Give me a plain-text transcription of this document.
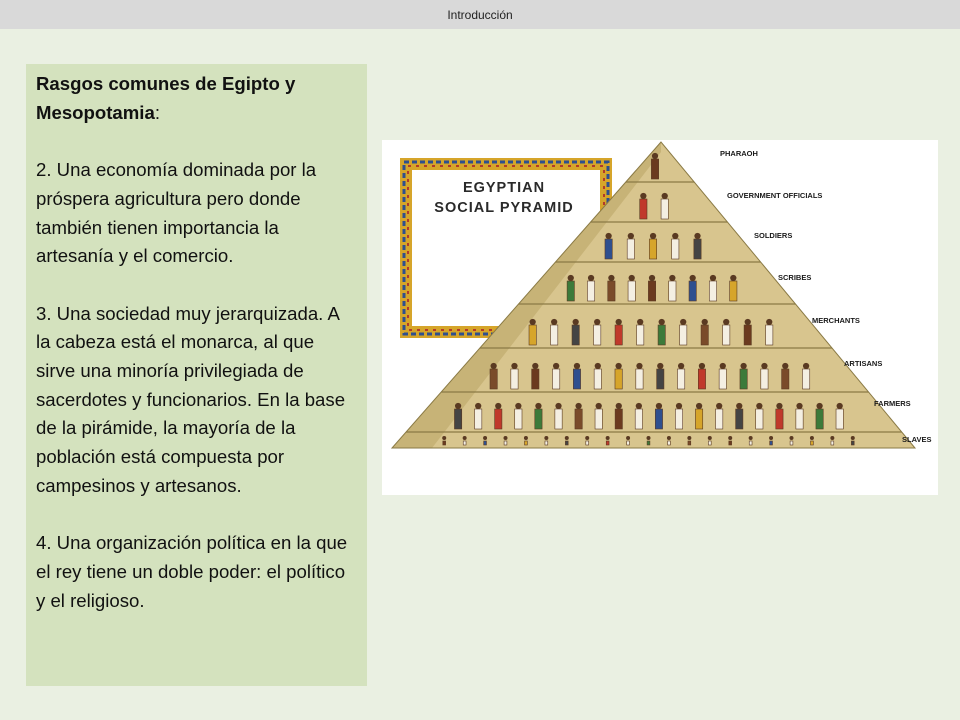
Introducción

Rasgos comunes de Egipto y Mesopotamia:

2. Una economía dominada por la próspera agricultura pero donde también tienen importancia la artesanía y el comercio.

3. Una sociedad muy jerarquizada. A la cabeza está el monarca, al que sirve una minoría privilegiada de sacerdotes y funcionarios. En la base de la pirámide, la mayoría de la población está compuesta por campesinos y artesanos.

4. Una organización política en la que el rey tiene un doble poder: el político y el religioso.

EGYPTIAN
SOCIAL PYRAMID
PHARAOH
GOVERNMENT OFFICIALS
SOLDIERS
SCRIBES
MERCHANTS
ARTISANS
FARMERS
SLAVES
